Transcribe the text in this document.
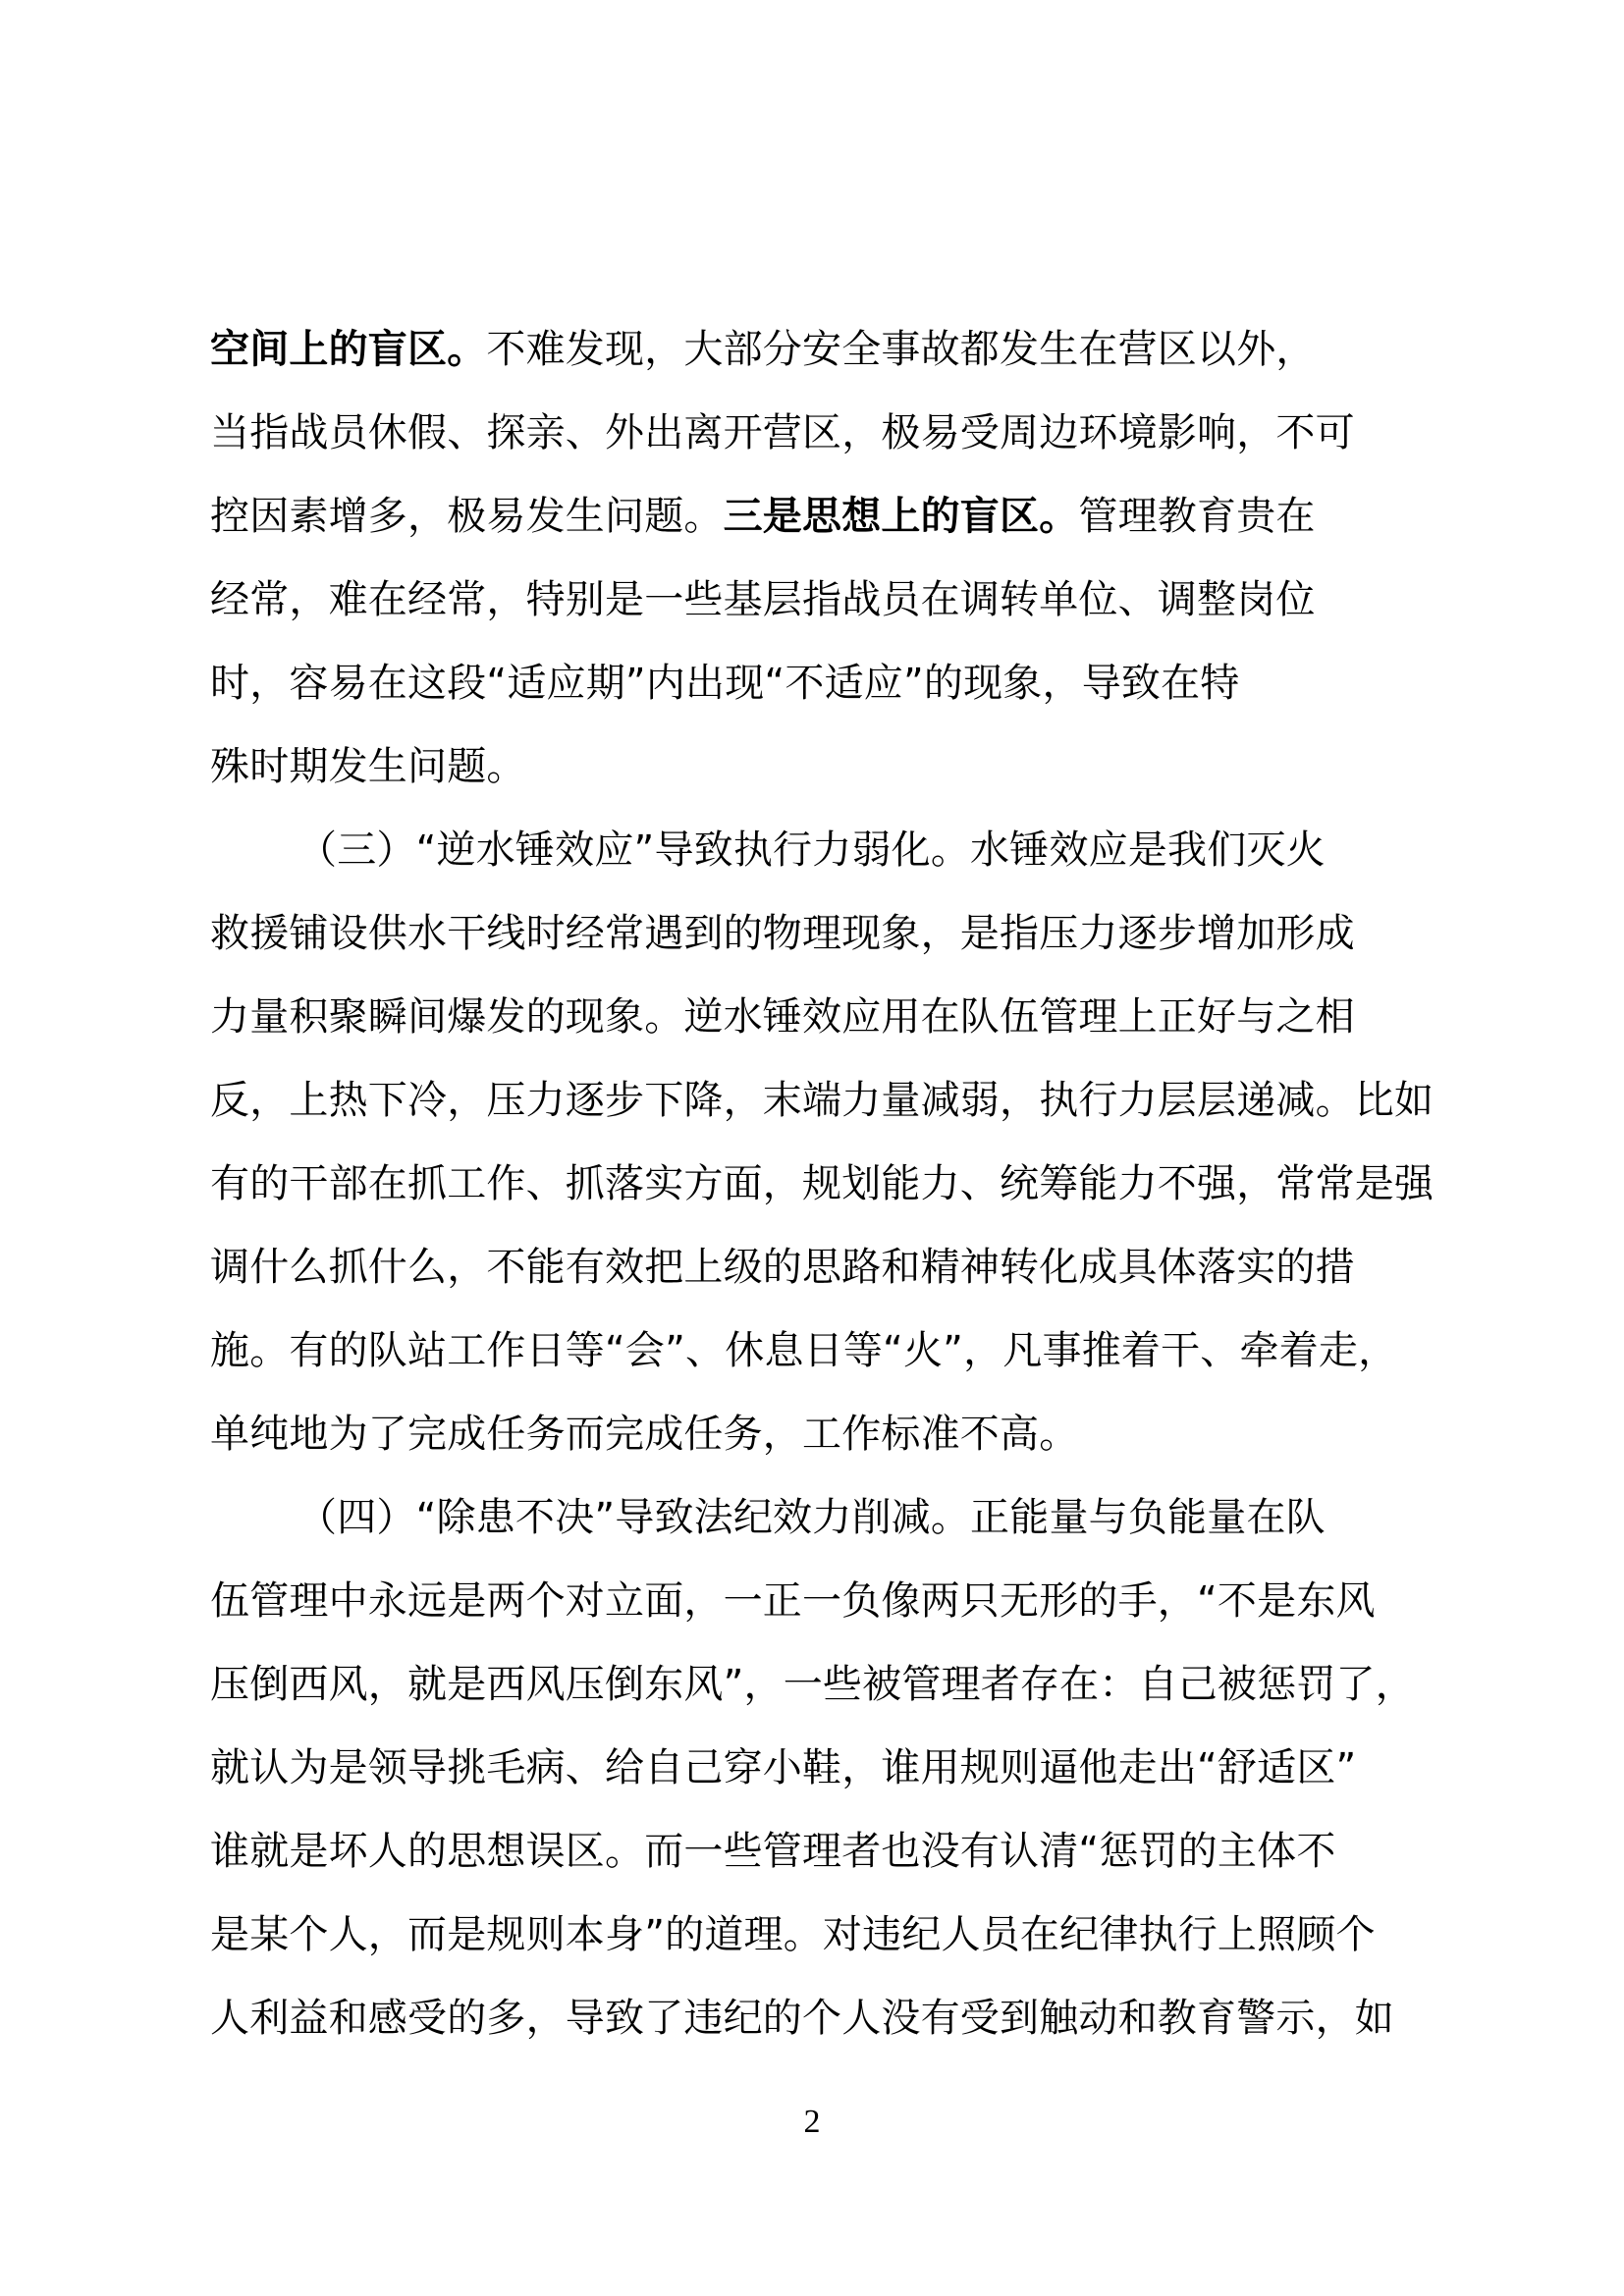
空间上的盲区。不难发现，大部分安全事故都发生在营区以外，
当指战员休假、探亲、外出离开营区，极易受周边环境影响，不可
控因素增多，极易发生问题。三是思想上的盲区。管理教育贵在
经常，难在经常，特别是一些基层指战员在调转单位、调整岗位
时，容易在这段“适应期”内出现“不适应”的现象，导致在特
殊时期发生问题。
（三）“逆水锤效应”导致执行力弱化。水锤效应是我们灭火
救援铺设供水干线时经常遇到的物理现象，是指压力逐步增加形成
力量积聚瞬间爆发的现象。逆水锤效应用在队伍管理上正好与之相
反，上热下冷，压力逐步下降，末端力量减弱，执行力层层递减。比如
有的干部在抓工作、抓落实方面，规划能力、统筹能力不强，常常是强
调什么抓什么，不能有效把上级的思路和精神转化成具体落实的措
施。有的队站工作日等“会”、休息日等“火”，凡事推着干、牵着走，
单纯地为了完成任务而完成任务，工作标准不高。
（四）“除患不决”导致法纪效力削减。正能量与负能量在队
伍管理中永远是两个对立面，一正一负像两只无形的手，“不是东风
压倒西风，就是西风压倒东风”，一些被管理者存在：自己被惩罚了，
就认为是领导挑毛病、给自己穿小鞋，谁用规则逼他走出“舒适区”
谁就是坏人的思想误区。而一些管理者也没有认清“惩罚的主体不
是某个人，而是规则本身”的道理。对违纪人员在纪律执行上照顾个
人利益和感受的多，导致了违纪的个人没有受到触动和教育警示，如
2
